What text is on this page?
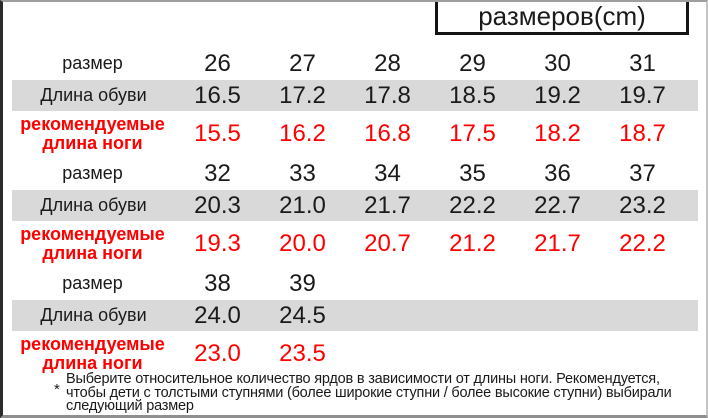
размеров(cm)
размер	26	27	28	29	30	31
Длина обуви	16.5	17.2	17.8	18.5	19.2	19.7
рекомендуемые
длина ноги	15.5	16.2	16.8	17.5	18.2	18.7
размер	32	33	34	35	36	37
Длина обуви	20.3	21.0	21.7	22.2	22.7	23.2
рекомендуемые
длина ноги	19.3	20.0	20.7	21.2	21.7	22.2
размер	38	39
Длина обуви	24.0	24.5
рекомендуемые
длина ноги	23.0	23.5
*
Выберите относительное количество ярдов в зависимости от длины ноги. Рекомендуется, чтобы дети с толстыми ступнями (более широкие ступни / более высокие ступни) выбирали следующий размер
